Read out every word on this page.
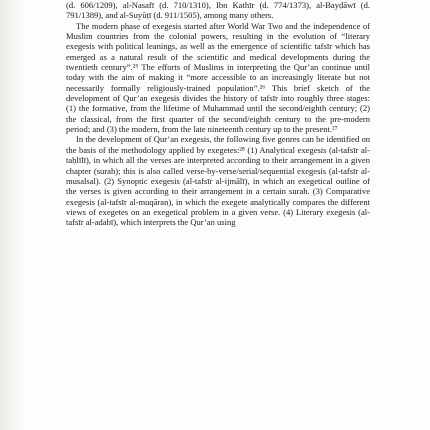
(d. 606/1209), al-Nasafī (d. 710/1310), Ibn Kathīr (d. 774/1373), al-Bayḍāwī (d. 791/1389), and al-Suyūṭī (d. 911/1505), among many others.

The modern phase of exegesis started after World War Two and the independence of Muslim countries from the colonial powers, resulting in the evolution of “literary exegesis with political leanings, as well as the emergence of scientific tafsīr which has emerged as a natural result of the scientific and medical developments during the twentieth century”.²⁵ The efforts of Muslims in interpreting the Qur’an continue until today with the aim of making it “more accessible to an increasingly literate but not necessarily formally religiously-trained population”.²⁶ This brief sketch of the development of Qur’an exegesis divides the history of tafsīr into roughly three stages: (1) the formative, from the lifetime of Muhammad until the second/eighth century; (2) the classical, from the first quarter of the second/eighth century to the pre-modern period; and (3) the modern, from the late nineteenth century up to the present.²⁷

In the development of Qur’an exegesis, the following five genres can be identified on the basis of the methodology applied by exegetes:²⁸ (1) Analytical exegesis (al-tafsīr al-taḥlīlī), in which all the verses are interpreted according to their arrangement in a given chapter (surah); this is also called verse-by-verse/serial/sequential exegesis (al-tafsīr al-musalsal). (2) Synoptic exegesis (al-tafsīr al-ijmālī), in which an exegetical outline of the verses is given according to their arrangement in a certain surah. (3) Comparative exegesis (al-tafsīr al-muqāran), in which the exegete analytically compares the different views of exegetes on an exegetical problem in a given verse. (4) Literary exegesis (al-tafsīr al-adabī), which interprets the Qur’an using
